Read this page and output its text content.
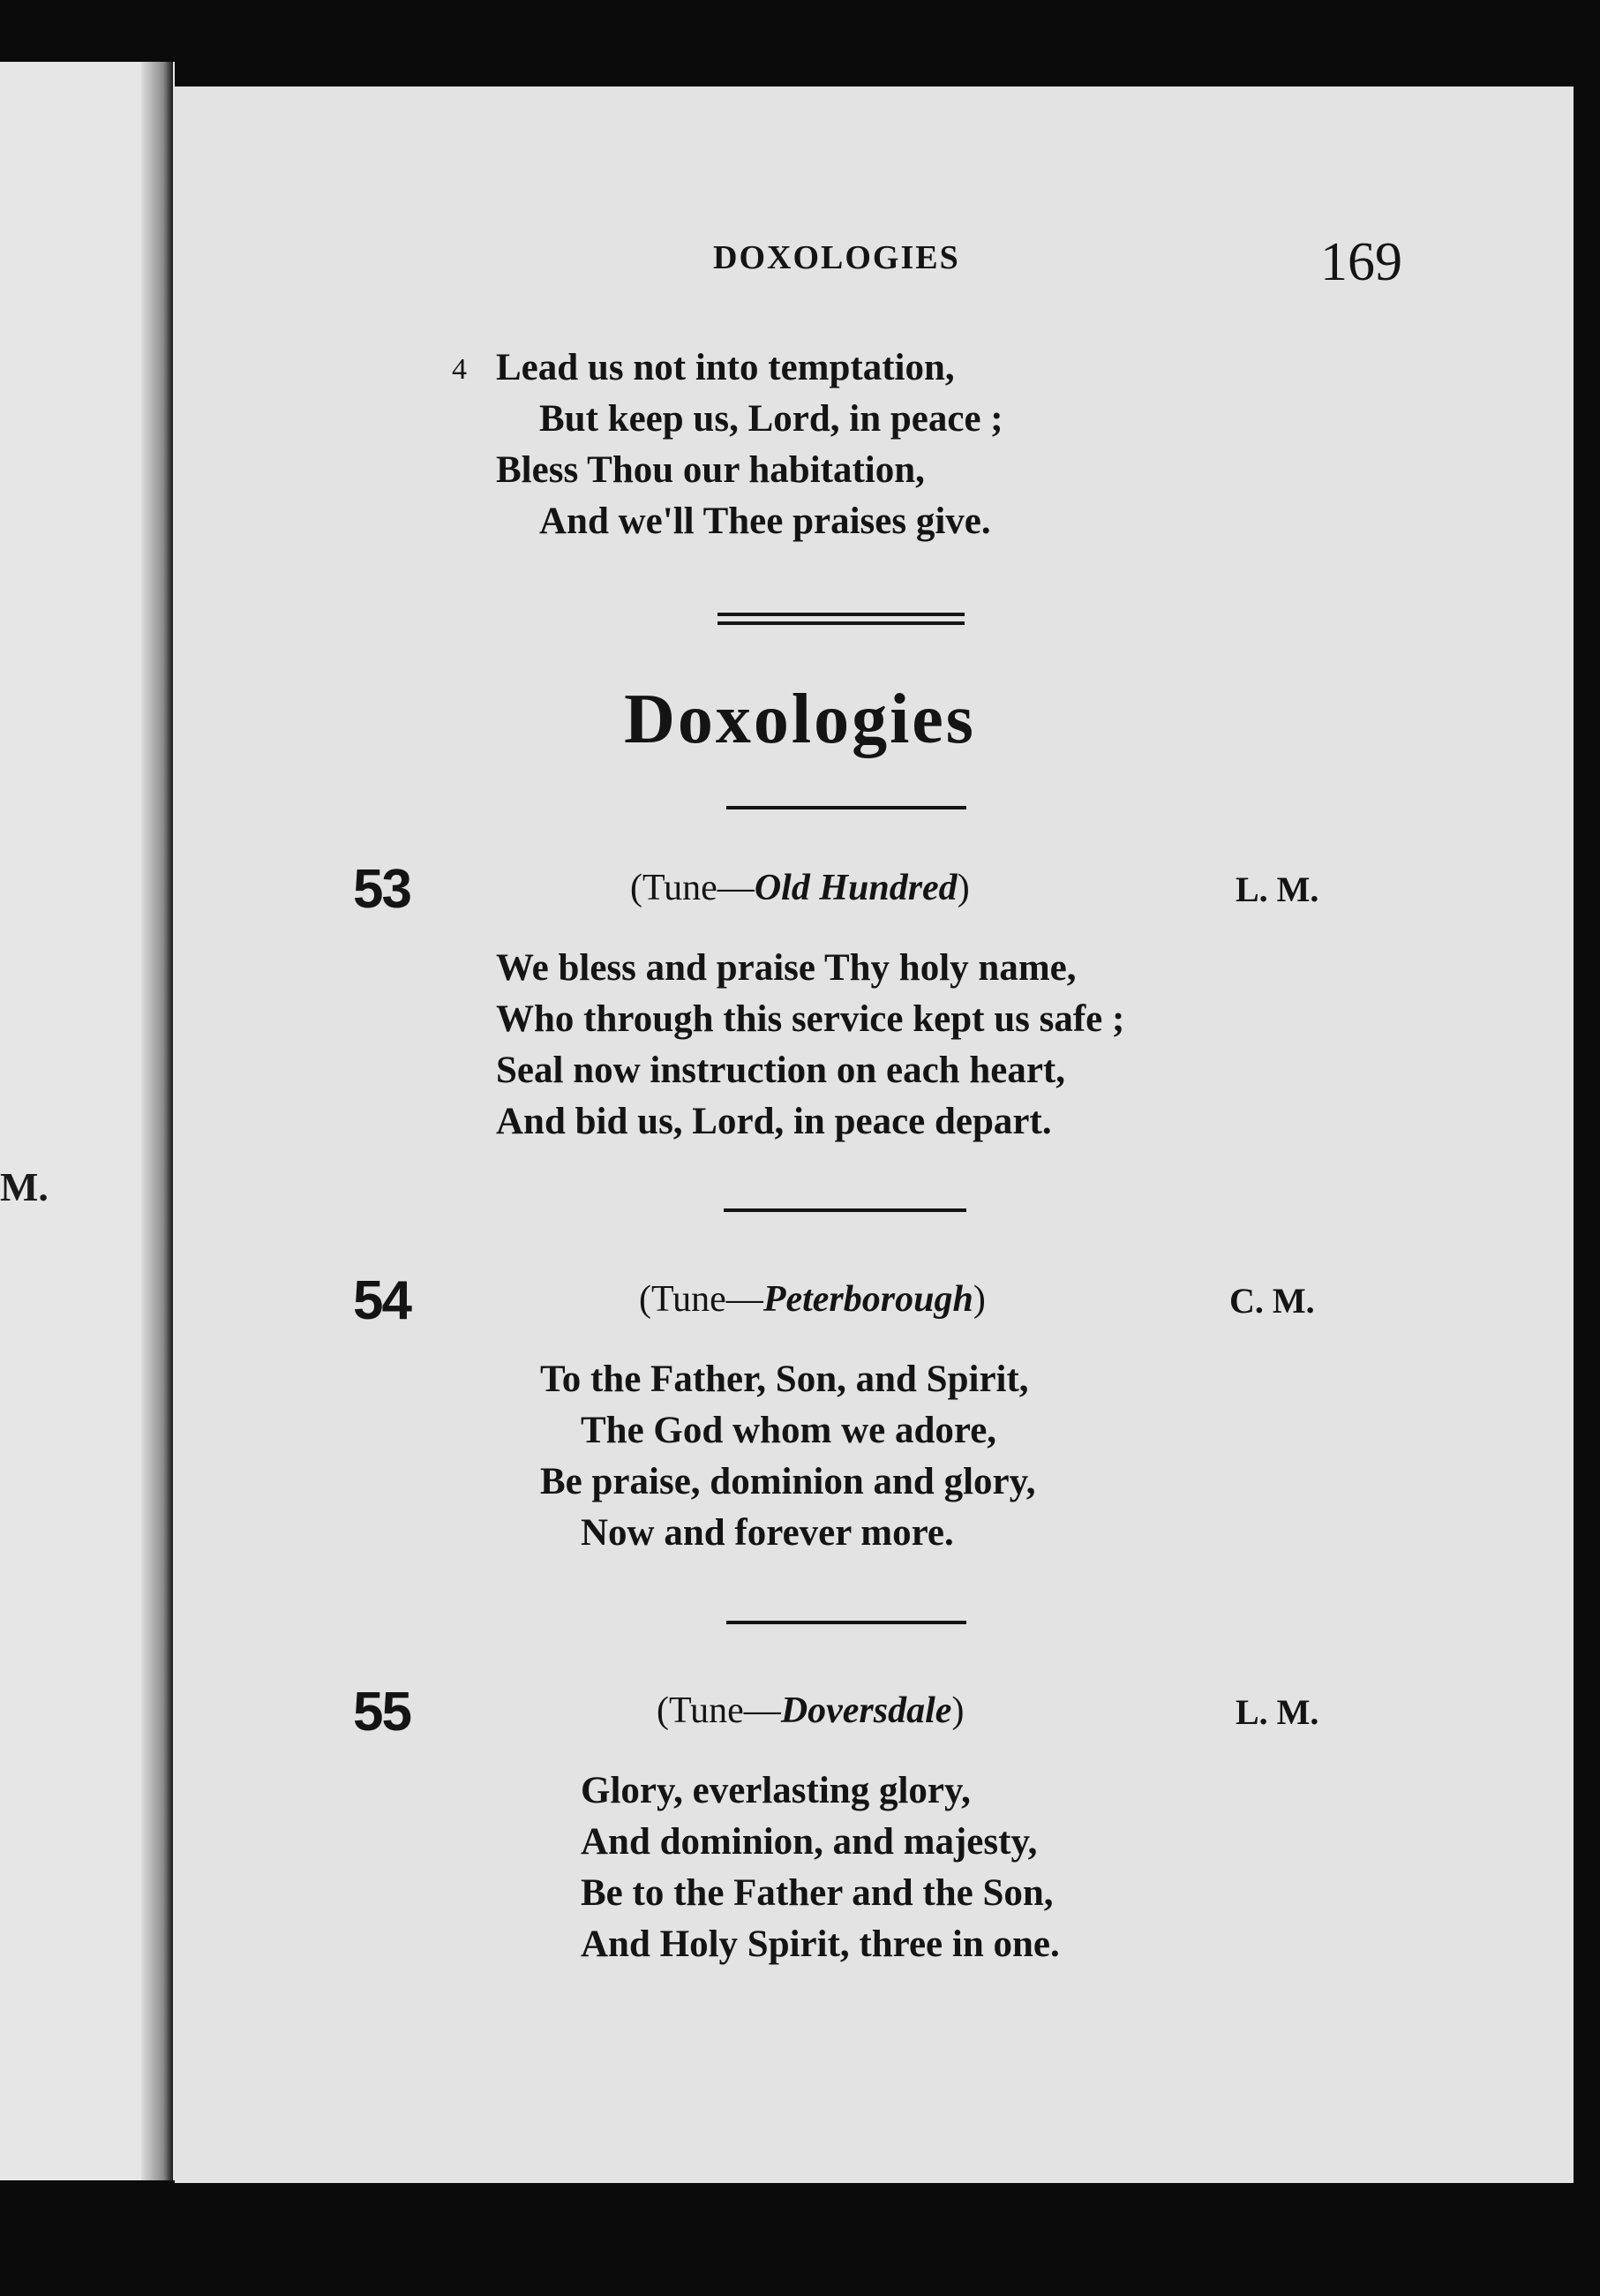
M.
DOXOLOGIES	169
4 Lead us not into temptation,
But keep us, Lord, in peace ;
Bless Thou our habitation,
And we'll Thee praises give.
Doxologies
53	(Tune—Old Hundred)	L. M.
We bless and praise Thy holy name,
Who through this service kept us safe ;
Seal now instruction on each heart,
And bid us, Lord, in peace depart.
54	(Tune—Peterborough)	C. M.
To the Father, Son, and Spirit,
The God whom we adore,
Be praise, dominion and glory,
Now and forever more.
55	(Tune—Doversdale)	L. M.
Glory, everlasting glory,
And dominion, and majesty,
Be to the Father and the Son,
And Holy Spirit, three in one.
